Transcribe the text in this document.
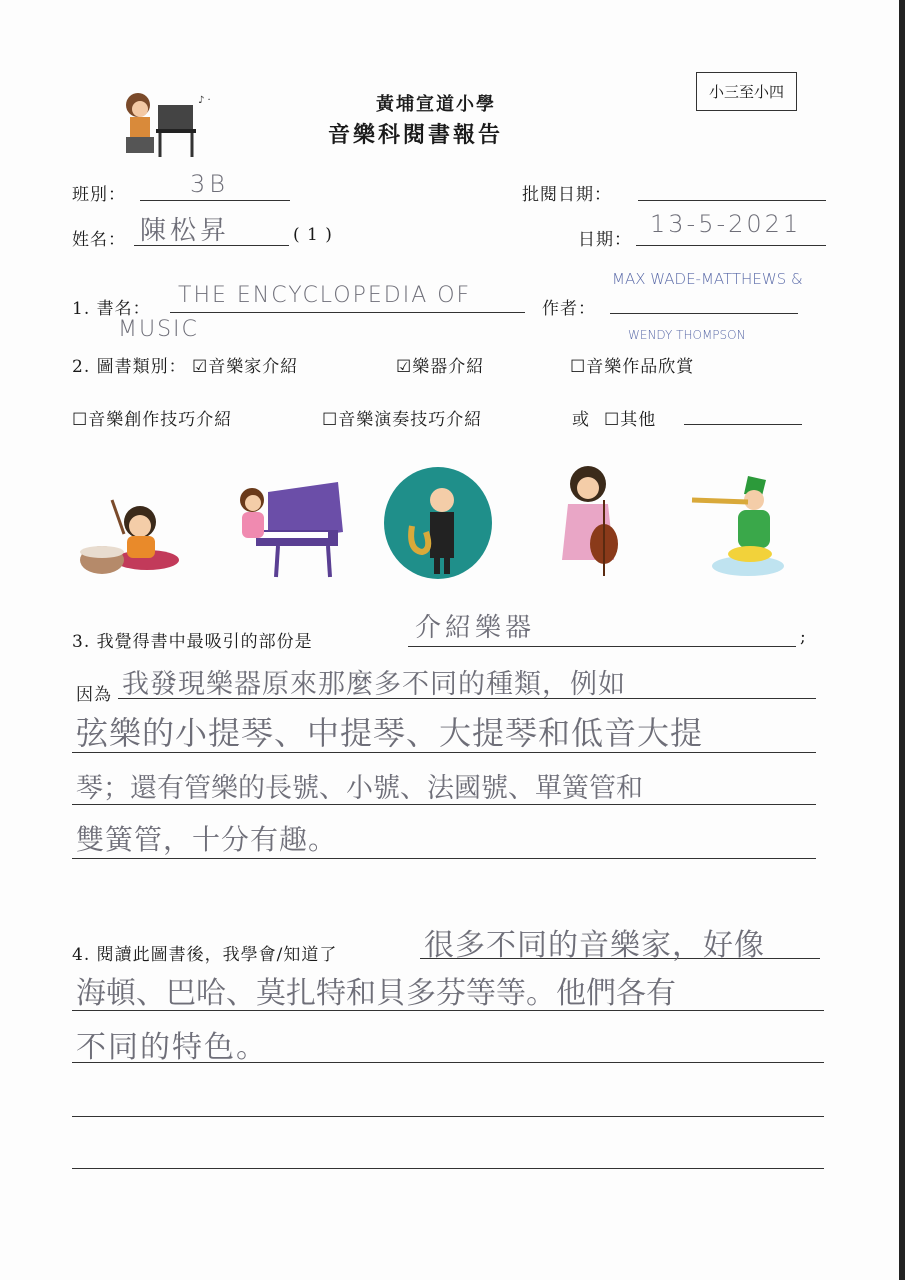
♪ ·	黃埔宣道小學
音樂科閱書報告
小三至小四
班別：	3B	批閱日期：
姓名： 陳松昇	( 1 )	日期：
13-5-2021
1. 書名：
THE ENCYCLOPEDIA OF
MUSIC
作者：
MAX WADE-MATTHEWS &
WENDY THOMPSON
2. 圖書類別： ☑音樂家介紹	☑樂器介紹	☐音樂作品欣賞
☐音樂創作技巧介紹	☐音樂演奏技巧介紹	或 ☐其他
3. 我覺得書中最吸引的部份是	;
介紹樂器
因為 我發現樂器原來那麼多不同的種類，例如
弦樂的小提琴、中提琴、大提琴和低音大提
琴；還有管樂的長號、小號、法國號、單簧管和
雙簧管，十分有趣。
4. 閱讀此圖書後，我學會/知道了	很多不同的音樂家，好像
海頓、巴哈、莫扎特和貝多芬等等。他們各有
不同的特色。
